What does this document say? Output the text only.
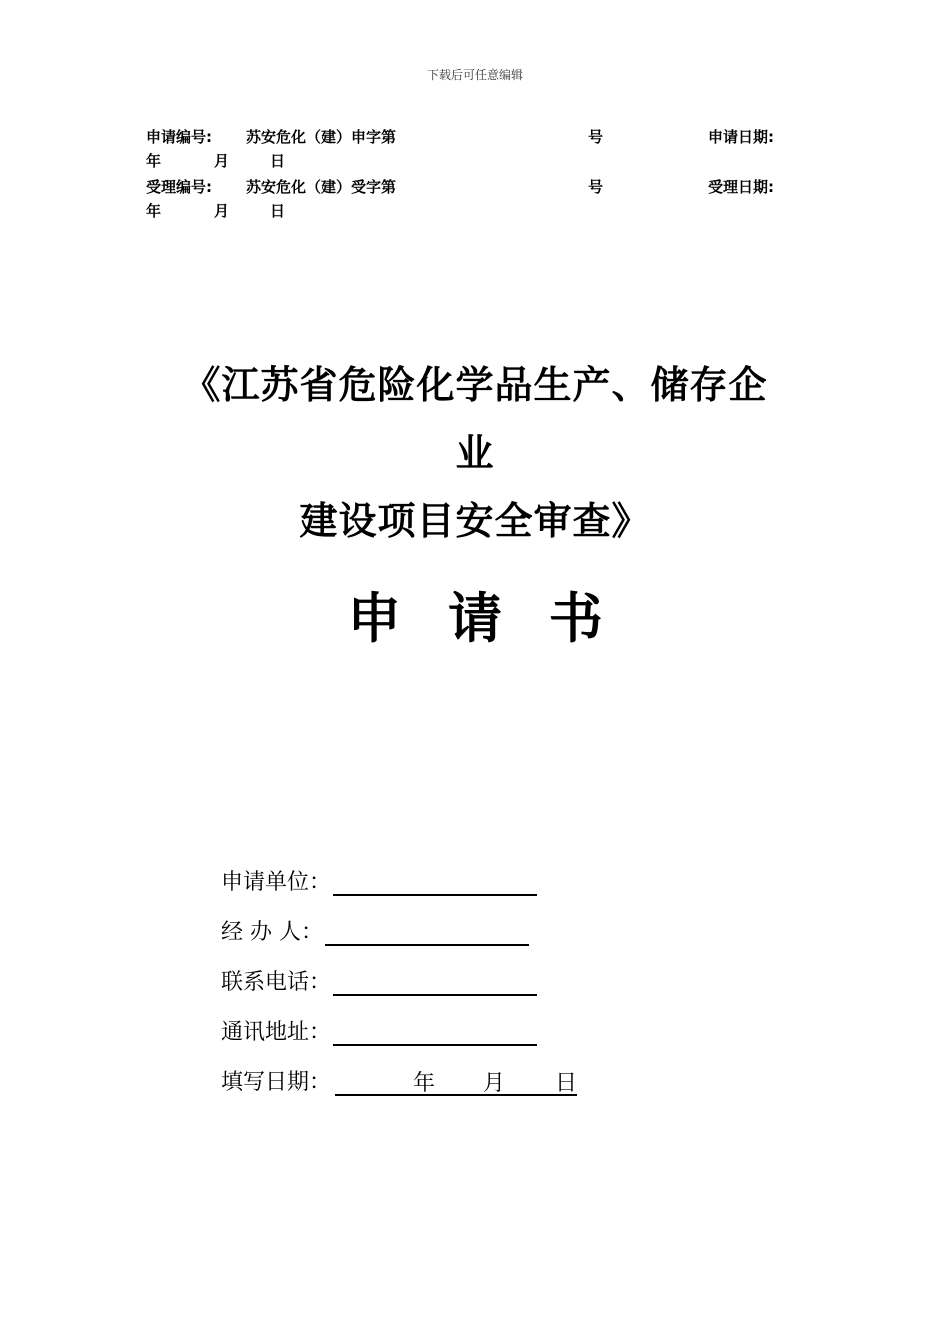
下载后可任意编辑
申请编号: 苏安危化（建）申字第	号	申请日期:
年	月	日
受理编号: 苏安危化（建）受字第	号	受理日期:
年	月	日
《江苏省危险化学品生产、储存企
业
建设项目安全审查》
申 请 书
申请单位：
经 办 人：
联系电话：
通讯地址：
填写日期：	年 月 日
